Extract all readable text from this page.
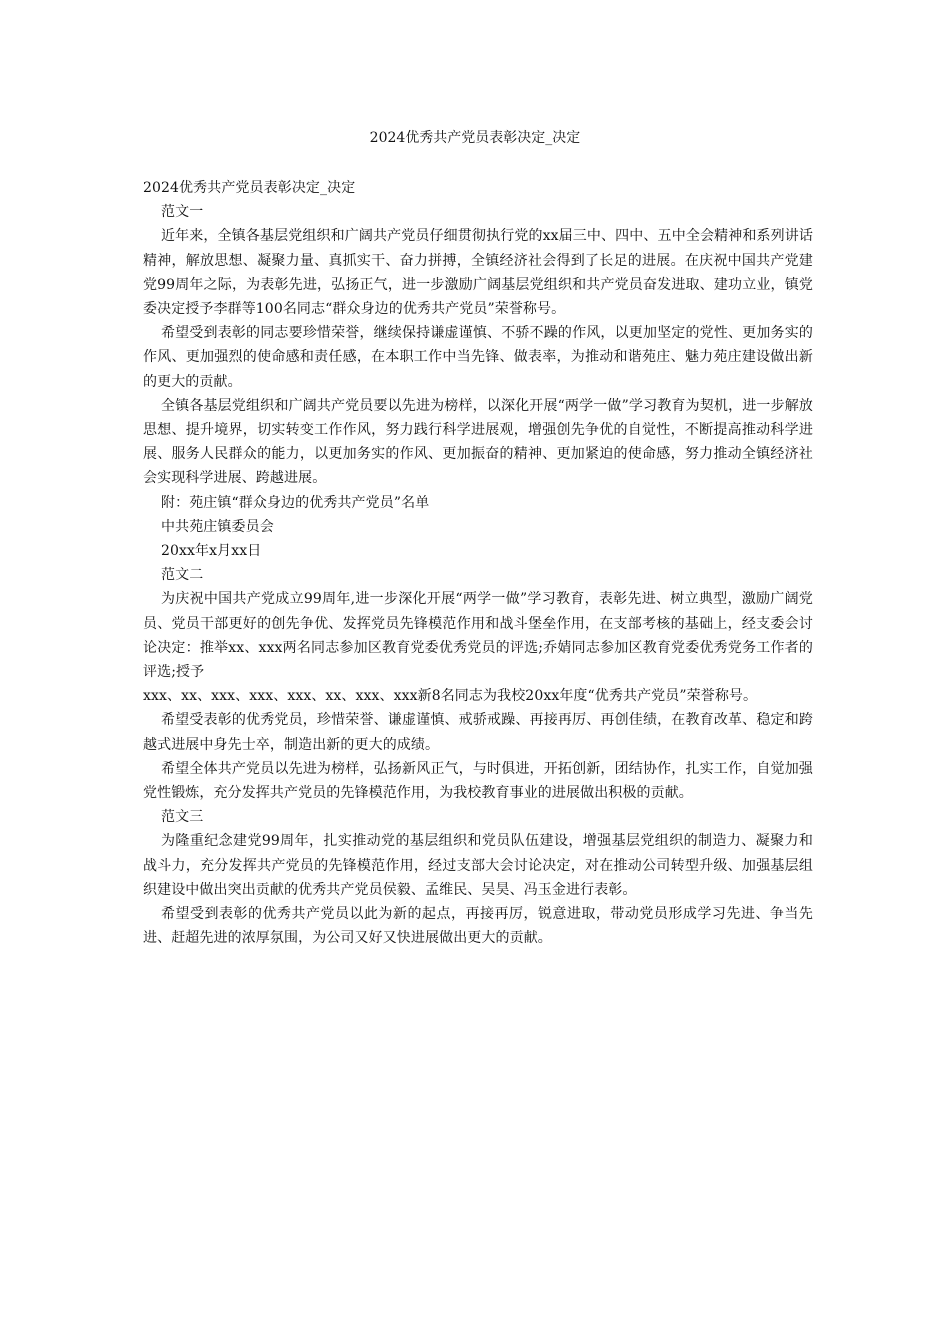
2024优秀共产党员表彰决定_决定

2024优秀共产党员表彰决定_决定

范文一

近年来，全镇各基层党组织和广阔共产党员仔细贯彻执行党的xx届三中、四中、五中全会精神和系列讲话精神，解放思想、凝聚力量、真抓实干、奋力拼搏，全镇经济社会得到了长足的进展。在庆祝中国共产党建党99周年之际，为表彰先进，弘扬正气，进一步激励广阔基层党组织和共产党员奋发进取、建功立业，镇党委决定授予李群等100名同志“群众身边的优秀共产党员”荣誉称号。

希望受到表彰的同志要珍惜荣誉，继续保持谦虚谨慎、不骄不躁的作风，以更加坚定的党性、更加务实的作风、更加强烈的使命感和责任感，在本职工作中当先锋、做表率，为推动和谐苑庄、魅力苑庄建设做出新的更大的贡献。

全镇各基层党组织和广阔共产党员要以先进为榜样，以深化开展“两学一做”学习教育为契机，进一步解放思想、提升境界，切实转变工作作风，努力践行科学进展观，增强创先争优的自觉性，不断提高推动科学进展、服务人民群众的能力，以更加务实的作风、更加振奋的精神、更加紧迫的使命感，努力推动全镇经济社会实现科学进展、跨越进展。

附：苑庄镇“群众身边的优秀共产党员”名单

中共苑庄镇委员会

20xx年x月xx日

范文二

为庆祝中国共产党成立99周年,进一步深化开展“两学一做”学习教育，表彰先进、树立典型，激励广阔党员、党员干部更好的创先争优、发挥党员先锋模范作用和战斗堡垒作用，在支部考核的基础上，经支委会讨论决定：推举xx、xxx两名同志参加区教育党委优秀党员的评选;乔婧同志参加区教育党委优秀党务工作者的评选;授予

xxx、xx、xxx、xxx、xxx、xx、xxx、xxx新8名同志为我校20xx年度“优秀共产党员”荣誉称号。

希望受表彰的优秀党员，珍惜荣誉、谦虚谨慎、戒骄戒躁、再接再厉、再创佳绩，在教育改革、稳定和跨越式进展中身先士卒，制造出新的更大的成绩。

希望全体共产党员以先进为榜样，弘扬新风正气，与时俱进，开拓创新，团结协作，扎实工作，自觉加强党性锻炼，充分发挥共产党员的先锋模范作用，为我校教育事业的进展做出积极的贡献。

范文三

为隆重纪念建党99周年，扎实推动党的基层组织和党员队伍建设，增强基层党组织的制造力、凝聚力和战斗力，充分发挥共产党员的先锋模范作用，经过支部大会讨论决定，对在推动公司转型升级、加强基层组织建设中做出突出贡献的优秀共产党员侯毅、孟维民、吴昊、冯玉金进行表彰。

希望受到表彰的优秀共产党员以此为新的起点，再接再厉，锐意进取，带动党员形成学习先进、争当先进、赶超先进的浓厚氛围，为公司又好又快进展做出更大的贡献。
